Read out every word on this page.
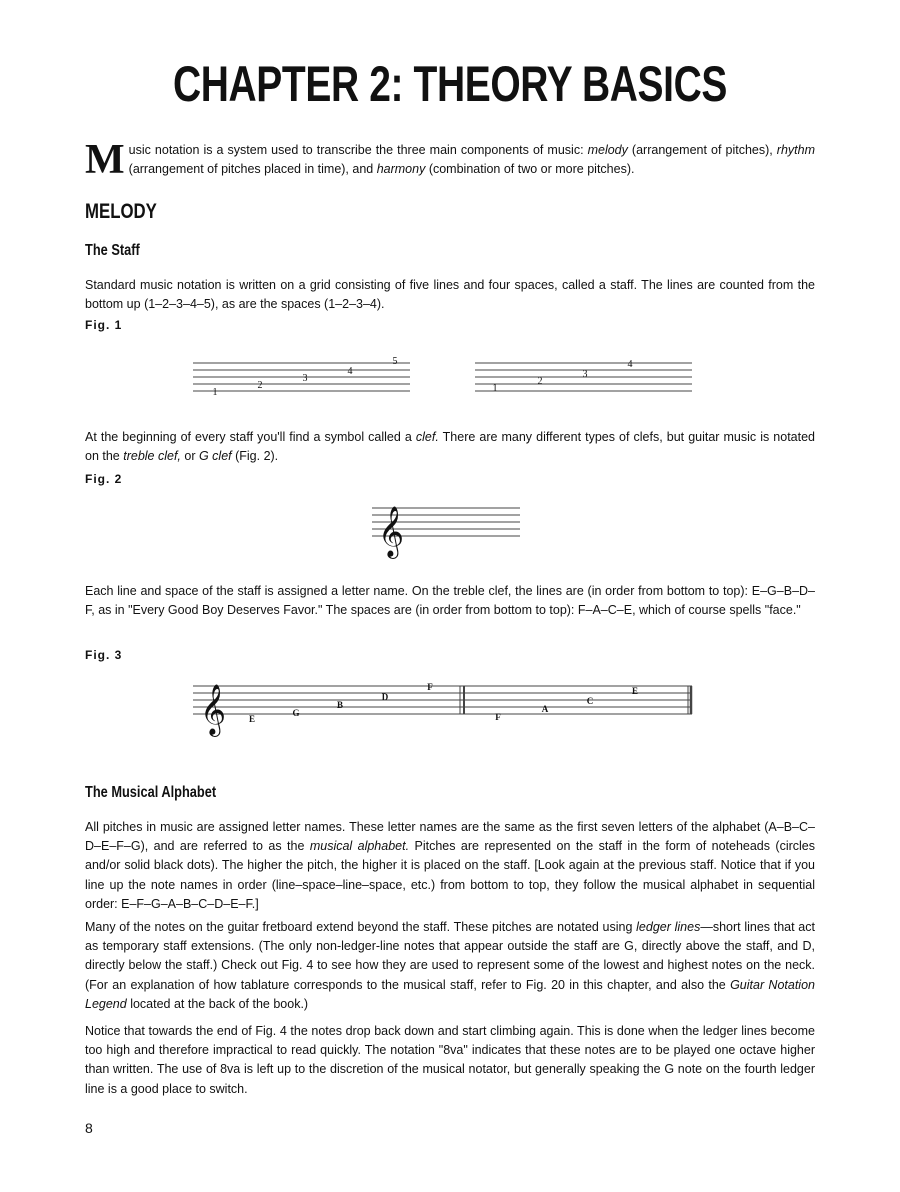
CHAPTER 2: THEORY BASICS
Music notation is a system used to transcribe the three main components of music: melody (arrangement of pitches), rhythm (arrangement of pitches placed in time), and harmony (combination of two or more pitches).
MELODY
The Staff
Standard music notation is written on a grid consisting of five lines and four spaces, called a staff. The lines are counted from the bottom up (1–2–3–4–5), as are the spaces (1–2–3–4).
Fig. 1
1
2
3
4
5
1
2
3
4
At the beginning of every staff you'll find a symbol called a clef. There are many different types of clefs, but guitar music is notated on the treble clef, or G clef (Fig. 2).
Fig. 2
𝄞
Each line and space of the staff is assigned a letter name. On the treble clef, the lines are (in order from bottom to top): E–G–B–D–F, as in "Every Good Boy Deserves Favor." The spaces are (in order from bottom to top): F–A–C–E, which of course spells "face."
Fig. 3
𝄞	E
G
B
D
F
F
A
C
E
The Musical Alphabet
All pitches in music are assigned letter names. These letter names are the same as the first seven letters of the alphabet (A–B–C–D–E–F–G), and are referred to as the musical alphabet. Pitches are represented on the staff in the form of noteheads (circles and/or solid black dots). The higher the pitch, the higher it is placed on the staff. [Look again at the previous staff. Notice that if you line up the note names in order (line–space–line–space, etc.) from bottom to top, they follow the musical alphabet in sequential order: E–F–G–A–B–C–D–E–F.]
Many of the notes on the guitar fretboard extend beyond the staff. These pitches are notated using ledger lines—short lines that act as temporary staff extensions. (The only non-ledger-line notes that appear outside the staff are G, directly above the staff, and D, directly below the staff.) Check out Fig. 4 to see how they are used to represent some of the lowest and highest notes on the neck. (For an explanation of how tablature corresponds to the musical staff, refer to Fig. 20 in this chapter, and also the Guitar Notation Legend located at the back of the book.)
Notice that towards the end of Fig. 4 the notes drop back down and start climbing again. This is done when the ledger lines become too high and therefore impractical to read quickly. The notation "8va" indicates that these notes are to be played one octave higher than written. The use of 8va is left up to the discretion of the musical notator, but generally speaking the G note on the fourth ledger line is a good place to switch.
8
